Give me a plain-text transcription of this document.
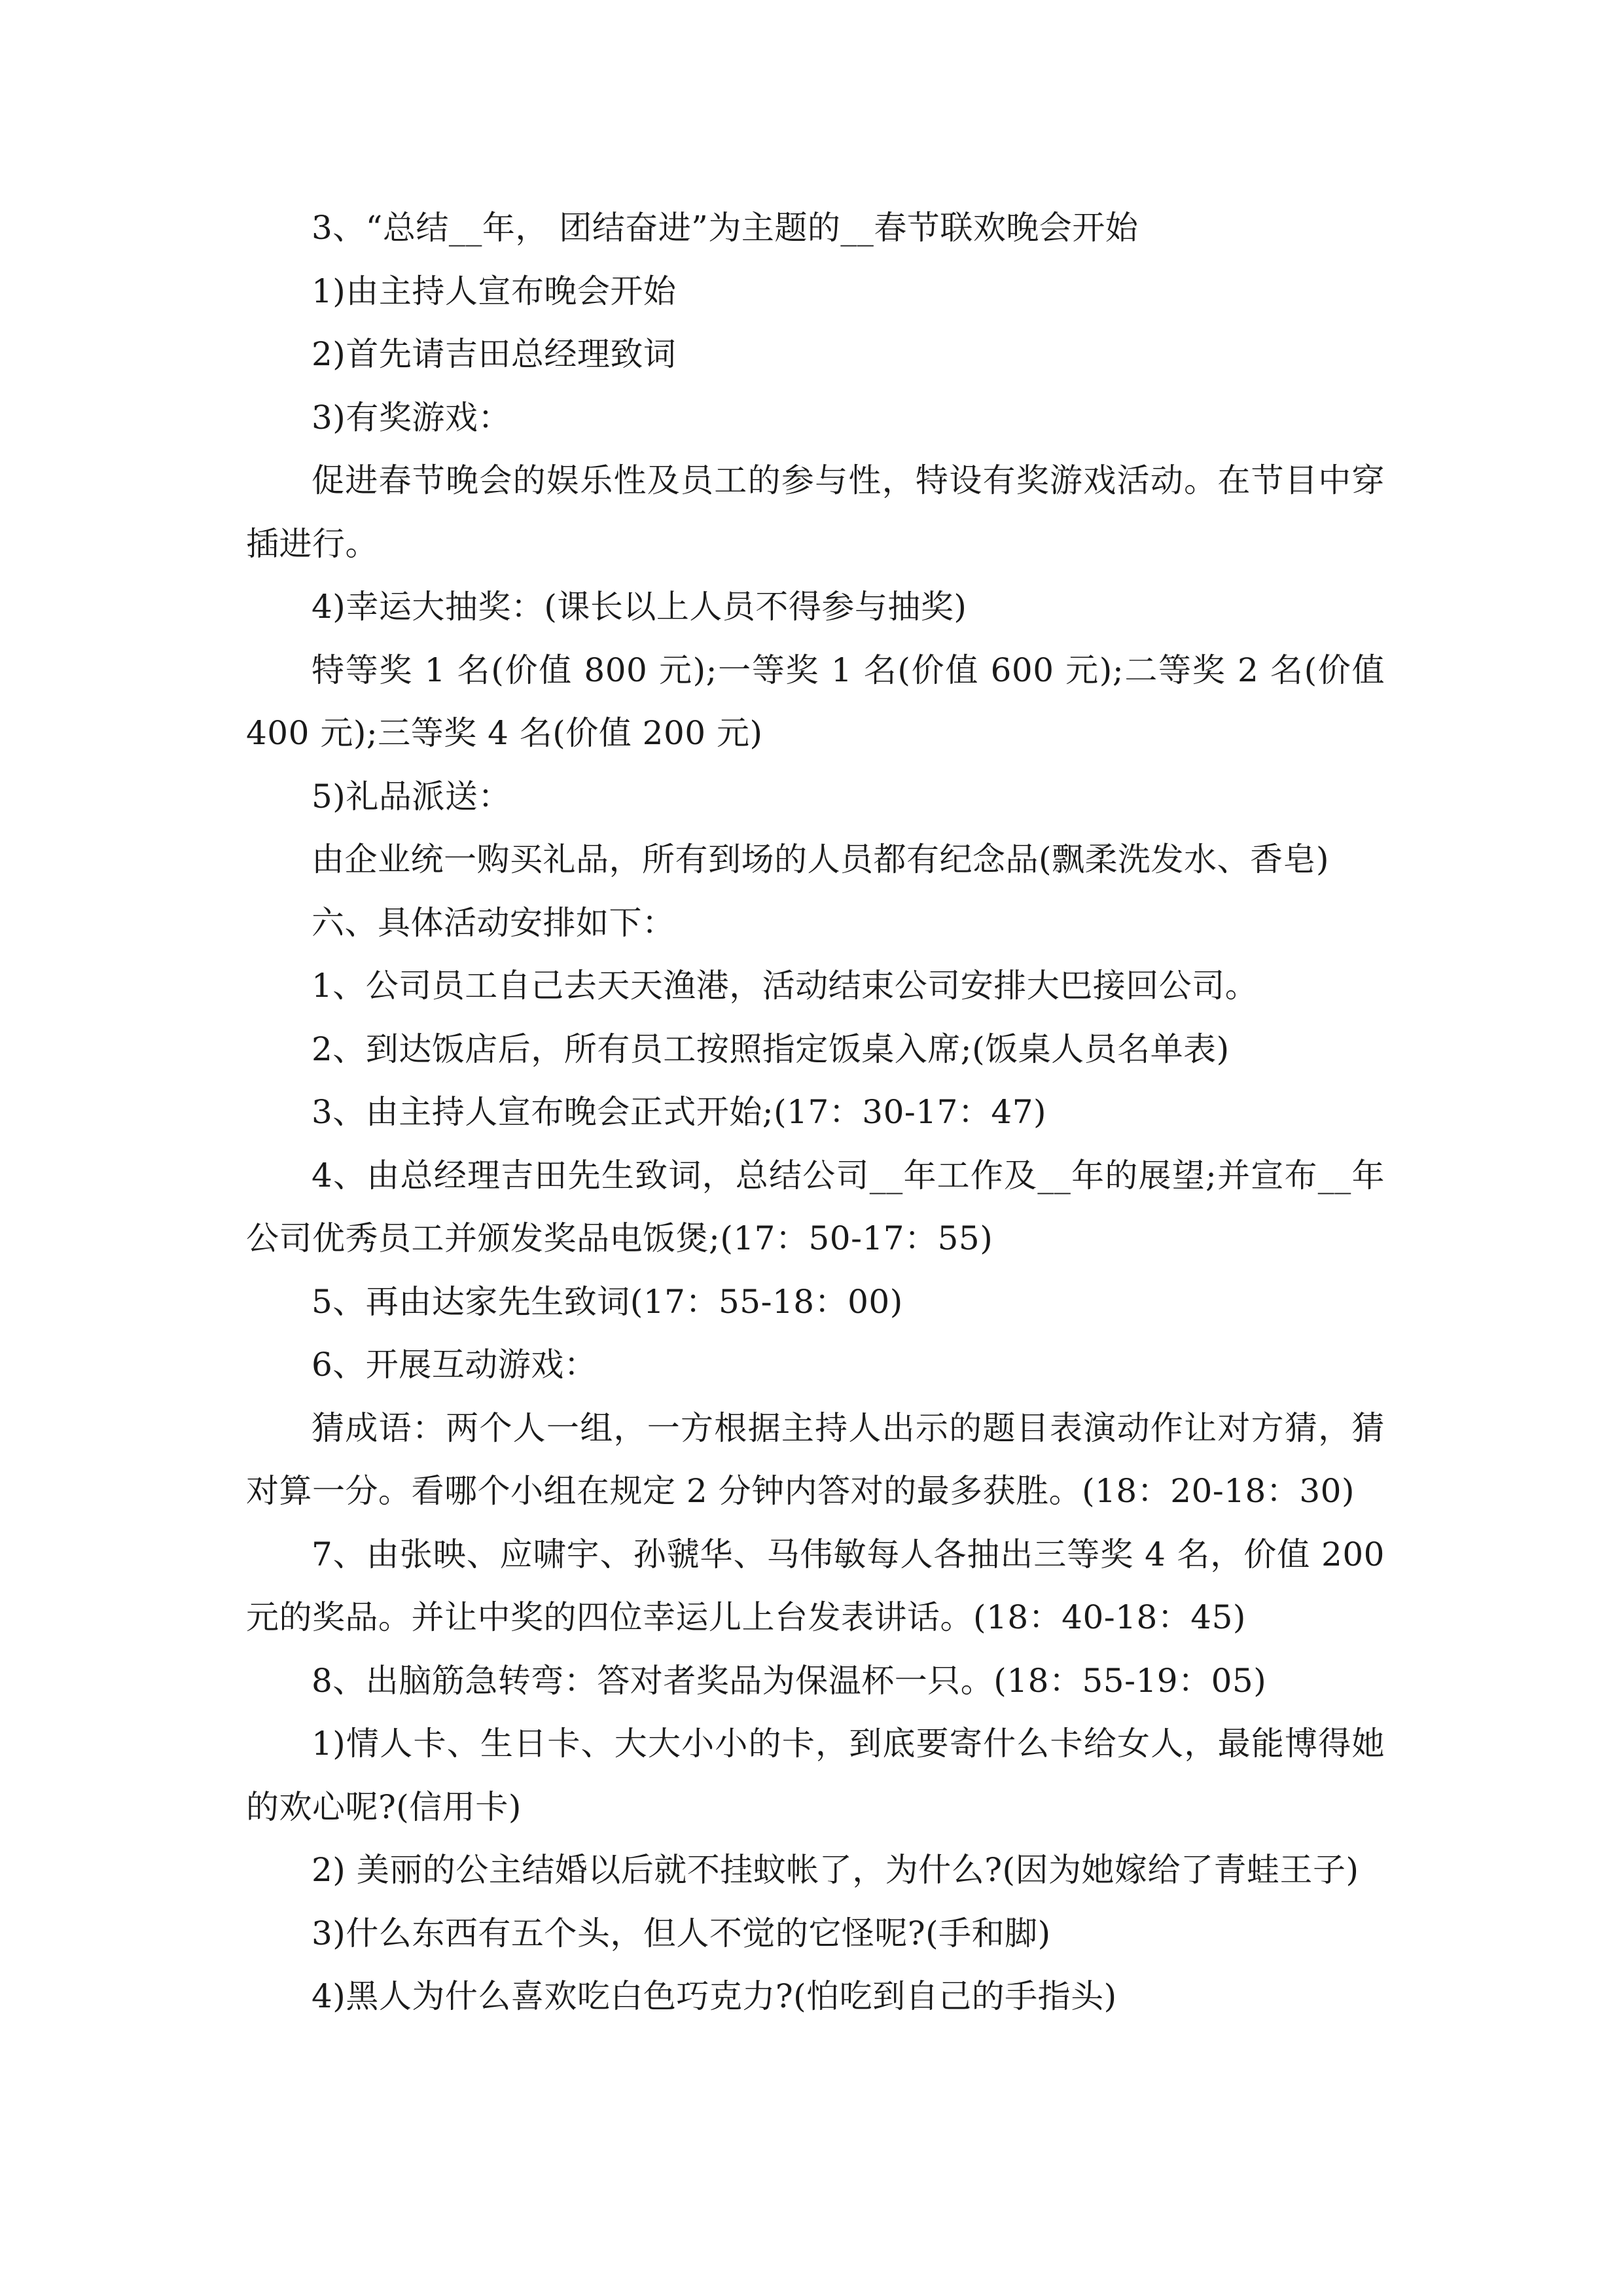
3、“总结__年， 团结奋进”为主题的__春节联欢晚会开始

1)由主持人宣布晚会开始

2)首先请吉田总经理致词

3)有奖游戏：

促进春节晚会的娱乐性及员工的参与性，特设有奖游戏活动。在节目中穿插进行。

4)幸运大抽奖：(课长以上人员不得参与抽奖)

特等奖 1 名(价值 800 元);一等奖 1 名(价值 600 元);二等奖 2 名(价值 400 元);三等奖 4 名(价值 200 元)

5)礼品派送：

由企业统一购买礼品，所有到场的人员都有纪念品(飘柔洗发水、香皂)

六、具体活动安排如下：

1、公司员工自己去天天渔港，活动结束公司安排大巴接回公司。

2、到达饭店后，所有员工按照指定饭桌入席;(饭桌人员名单表)

3、由主持人宣布晚会正式开始;(17：30-17：47)

4、由总经理吉田先生致词，总结公司__年工作及__年的展望;并宣布__年公司优秀员工并颁发奖品电饭煲;(17：50-17：55)

5、再由达家先生致词(17：55-18：00)

6、开展互动游戏：

猜成语：两个人一组，一方根据主持人出示的题目表演动作让对方猜，猜对算一分。看哪个小组在规定 2 分钟内答对的最多获胜。(18：20-18：30)

7、由张映、应啸宇、孙虢华、马伟敏每人各抽出三等奖 4 名，价值 200 元的奖品。并让中奖的四位幸运儿上台发表讲话。(18：40-18：45)

8、出脑筋急转弯：答对者奖品为保温杯一只。(18：55-19：05)

1)情人卡、生日卡、大大小小的卡，到底要寄什么卡给女人，最能博得她的欢心呢?(信用卡)

2) 美丽的公主结婚以后就不挂蚊帐了，为什么?(因为她嫁给了青蛙王子)

3)什么东西有五个头，但人不觉的它怪呢?(手和脚)

4)黑人为什么喜欢吃白色巧克力?(怕吃到自己的手指头)
